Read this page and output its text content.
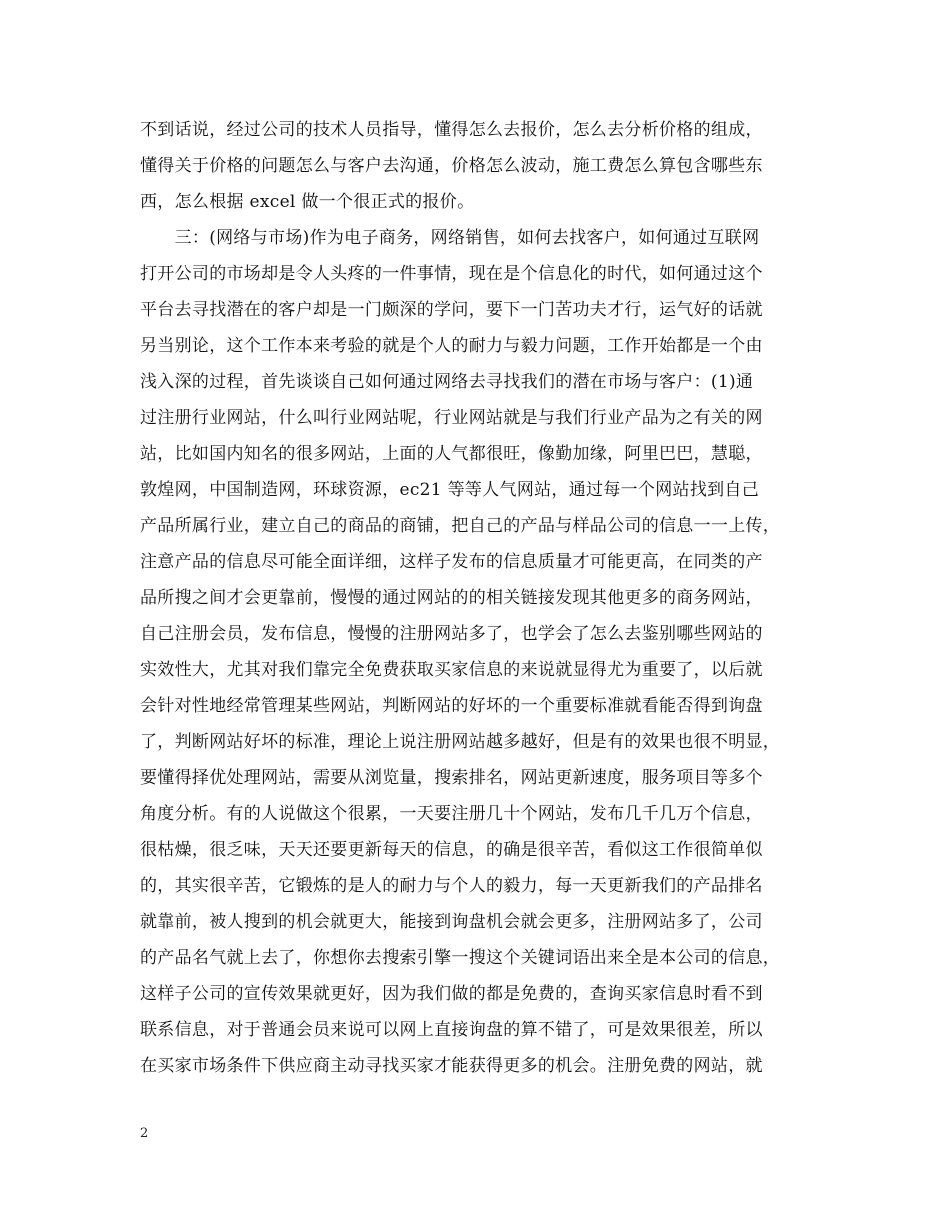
不到话说，经过公司的技术人员指导，懂得怎么去报价，怎么去分析价格的组成，
懂得关于价格的问题怎么与客户去沟通，价格怎么波动，施工费怎么算包含哪些东
西，怎么根据 excel 做一个很正式的报价。
　　三：(网络与市场)作为电子商务，网络销售，如何去找客户，如何通过互联网
打开公司的市场却是令人头疼的一件事情，现在是个信息化的时代，如何通过这个
平台去寻找潜在的客户却是一门颇深的学问，要下一门苦功夫才行，运气好的话就
另当别论，这个工作本来考验的就是个人的耐力与毅力问题，工作开始都是一个由
浅入深的过程，首先谈谈自己如何通过网络去寻找我们的潜在市场与客户：(1)通
过注册行业网站，什么叫行业网站呢，行业网站就是与我们行业产品为之有关的网
站，比如国内知名的很多网站，上面的人气都很旺，像勤加缘，阿里巴巴，慧聪，
敦煌网，中国制造网，环球资源，ec21 等等人气网站，通过每一个网站找到自己
产品所属行业，建立自己的商品的商铺，把自己的产品与样品公司的信息一一上传，
注意产品的信息尽可能全面详细，这样子发布的信息质量才可能更高，在同类的产
品所搜之间才会更靠前，慢慢的通过网站的的相关链接发现其他更多的商务网站，
自己注册会员，发布信息，慢慢的注册网站多了，也学会了怎么去鉴别哪些网站的
实效性大，尤其对我们靠完全免费获取买家信息的来说就显得尤为重要了，以后就
会针对性地经常管理某些网站，判断网站的好坏的一个重要标准就看能否得到询盘
了，判断网站好坏的标准，理论上说注册网站越多越好，但是有的效果也很不明显，
要懂得择优处理网站，需要从浏览量，搜索排名，网站更新速度，服务项目等多个
角度分析。有的人说做这个很累，一天要注册几十个网站，发布几千几万个信息，
很枯燥，很乏味，天天还要更新每天的信息，的确是很辛苦，看似这工作很简单似
的，其实很辛苦，它锻炼的是人的耐力与个人的毅力，每一天更新我们的产品排名
就靠前，被人搜到的机会就更大，能接到询盘机会就会更多，注册网站多了，公司
的产品名气就上去了，你想你去搜索引擎一搜这个关键词语出来全是本公司的信息，
这样子公司的宣传效果就更好，因为我们做的都是免费的，查询买家信息时看不到
联系信息，对于普通会员来说可以网上直接询盘的算不错了，可是效果很差，所以
在买家市场条件下供应商主动寻找买家才能获得更多的机会。注册免费的网站，就
2
